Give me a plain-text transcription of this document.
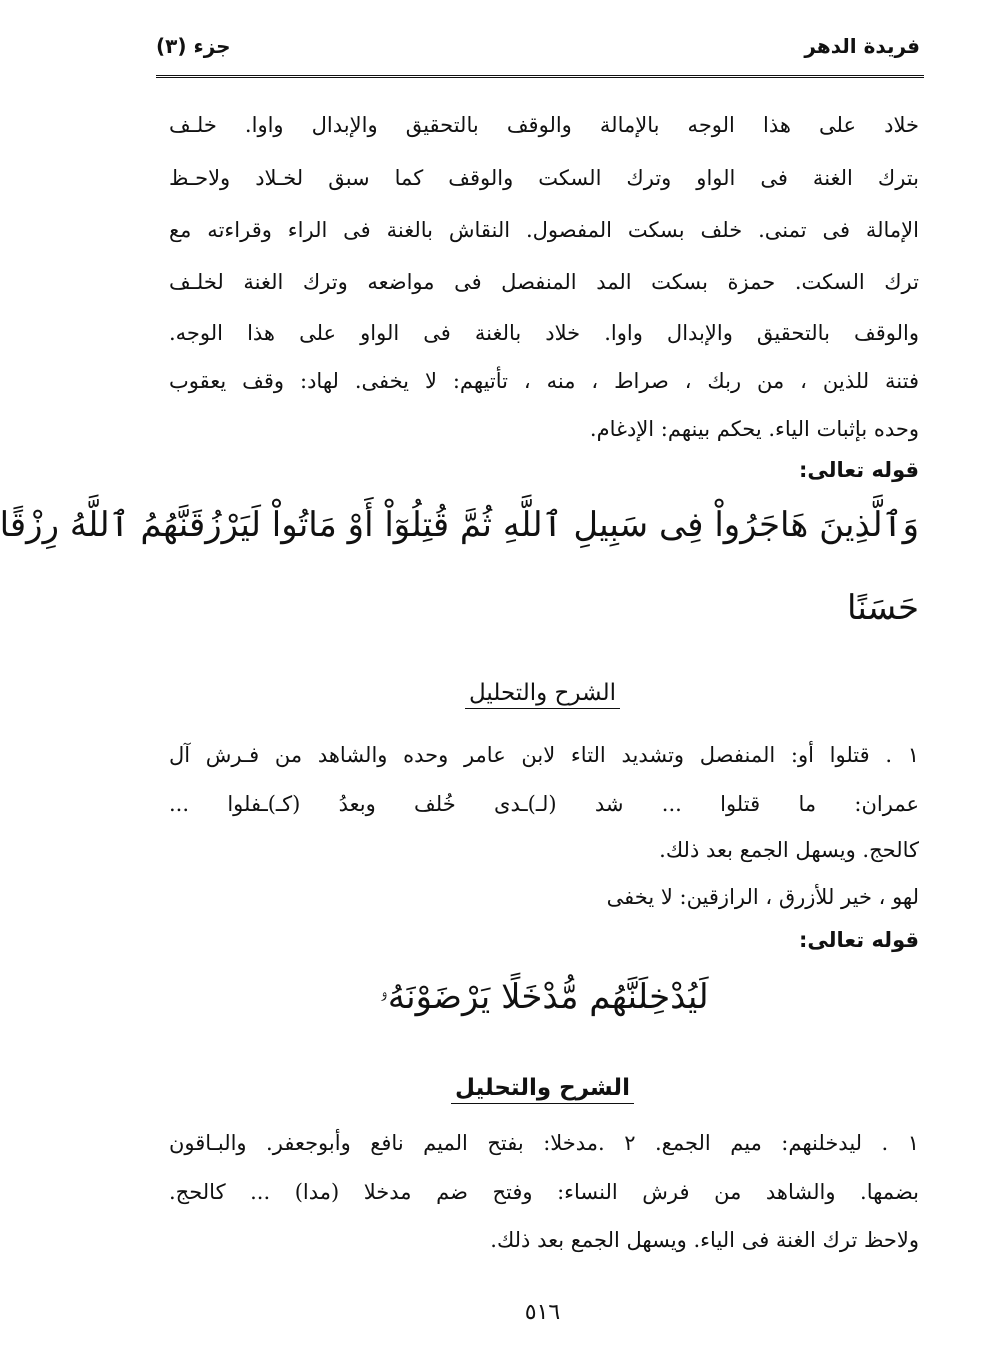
فريدة الدهر
جزء (٣)
خلاد على هذا الوجه بالإمالة والوقف بالتحقيق والإبدال واوا. خلـف
بترك الغنة فى الواو وترك السكت والوقف كما سبق لخـلاد ولاحـظ
الإمالة فى تمنى. خلف بسكت المفصول. النقاش بالغنة فى الراء وقراءته مع
ترك السكت. حمزة بسكت المد المنفصل فى مواضعه وترك الغنة لخلـف
والوقف بالتحقيق والإبدال واوا. خلاد بالغنة فى الواو على هذا الوجه.
فتنة للذين ، من ربك ، صراط ، منه ، تأتيهم: لا يخفى. لهاد: وقف يعقوب
وحده بإثبات الياء. يحكم بينهم: الإدغام.
قوله تعالى:
وَٱلَّذِينَ هَاجَرُواْ فِى سَبِيلِ ٱللَّهِ ثُمَّ قُتِلُوٓاْ أَوْ مَاتُواْ لَيَرْزُقَنَّهُمُ ٱللَّهُ رِزْقًا
حَسَنًا
الشرح والتحليل
١ . قتلوا أو: المنفصل وتشديد التاء لابن عامر وحده والشاهد من فـرش آل
عمران: ما قتلوا ... شد (لـ)ـدى خُلف وبعدُ (كـ)ـفلوا ...
كالحج. ويسهل الجمع بعد ذلك.
لهو ، خير للأزرق ، الرازقين: لا يخفى
قوله تعالى:
لَيُدْخِلَنَّهُم مُّدْخَلًا يَرْضَوْنَهُۥ
الشرح والتحليل
١ . ليدخلنهم: ميم الجمع. ٢ .مدخلا: بفتح الميم نافع وأبوجعفر. والبـاقون
بضمها. والشاهد من فرش النساء: وفتح ضم مدخلا (مدا) ... كالحج.
ولاحظ ترك الغنة فى الياء. ويسهل الجمع بعد ذلك.
٥١٦
